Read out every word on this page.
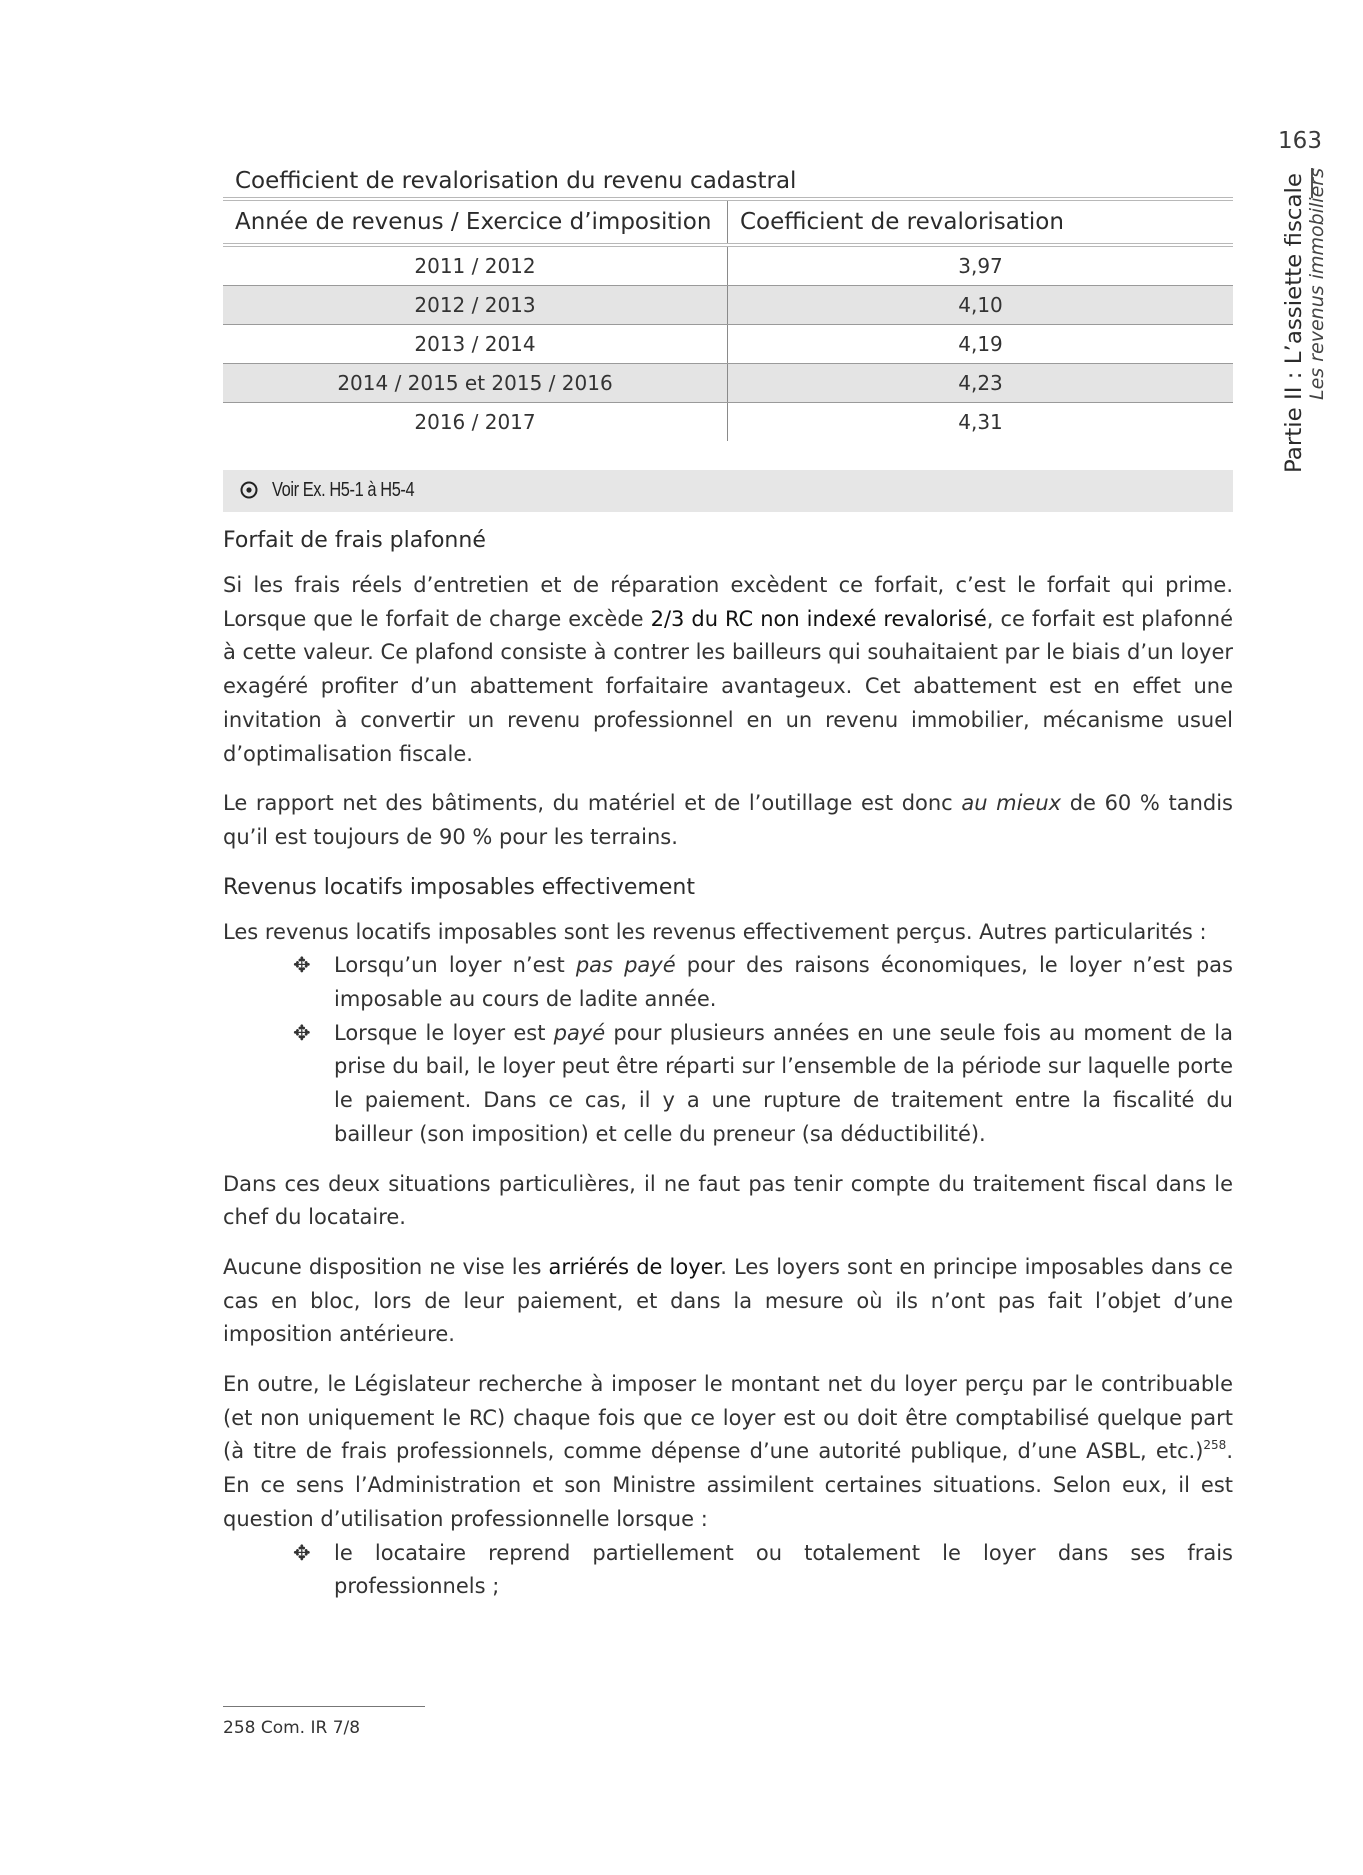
163
Partie II : L’assiette fiscale Les revenus immobiliers
Coefficient de revalorisation du revenu cadastral
Année de revenus / Exercice d’imposition	Coefficient de revalorisation
2011 / 2012	3,97
2012 / 2013	4,10
2013 / 2014	4,19
2014 / 2015 et 2015 / 2016	4,23
2016 / 2017	4,31
Voir Ex. H5-1 à H5-4
Forfait de frais plafonné

Si les frais réels d’entretien et de réparation excèdent ce forfait, c’est le forfait qui prime. Lorsque que le forfait de charge excède 2/3 du RC non indexé revalorisé, ce forfait est plafonné à cette valeur. Ce plafond consiste à contrer les bailleurs qui souhaitaient par le biais d’un loyer exagéré profiter d’un abattement forfaitaire avantageux. Cet abattement est en effet une invitation à convertir un revenu professionnel en un revenu immobilier, mécanisme usuel d’optimalisation fiscale.

Le rapport net des bâtiments, du matériel et de l’outillage est donc au mieux de 60 % tandis qu’il est toujours de 90 % pour les terrains.

Revenus locatifs imposables effectivement

Les revenus locatifs imposables sont les revenus effectivement perçus. Autres particularités :

✥ Lorsqu’un loyer n’est pas payé pour des raisons économiques, le loyer n’est pas imposable au cours de ladite année.
✥ Lorsque le loyer est payé pour plusieurs années en une seule fois au moment de la prise du bail, le loyer peut être réparti sur l’ensemble de la période sur laquelle porte le paiement. Dans ce cas, il y a une rupture de traitement entre la fiscalité du bailleur (son imposition) et celle du preneur (sa déductibilité).

Dans ces deux situations particulières, il ne faut pas tenir compte du traitement fiscal dans le chef du locataire.

Aucune disposition ne vise les arriérés de loyer. Les loyers sont en principe imposables dans ce cas en bloc, lors de leur paiement, et dans la mesure où ils n’ont pas fait l’objet d’une imposition antérieure.

En outre, le Législateur recherche à imposer le montant net du loyer perçu par le contribuable (et non uniquement le RC) chaque fois que ce loyer est ou doit être comptabilisé quelque part (à titre de frais professionnels, comme dépense d’une autorité publique, d’une ASBL, etc.)$^{258}$. En ce sens l’Administration et son Ministre assimilent certaines situations. Selon eux, il est question d’utilisation professionnelle lorsque :

✥ le locataire reprend partiellement ou totalement le loyer dans ses frais professionnels ;
258 Com. IR 7/8
